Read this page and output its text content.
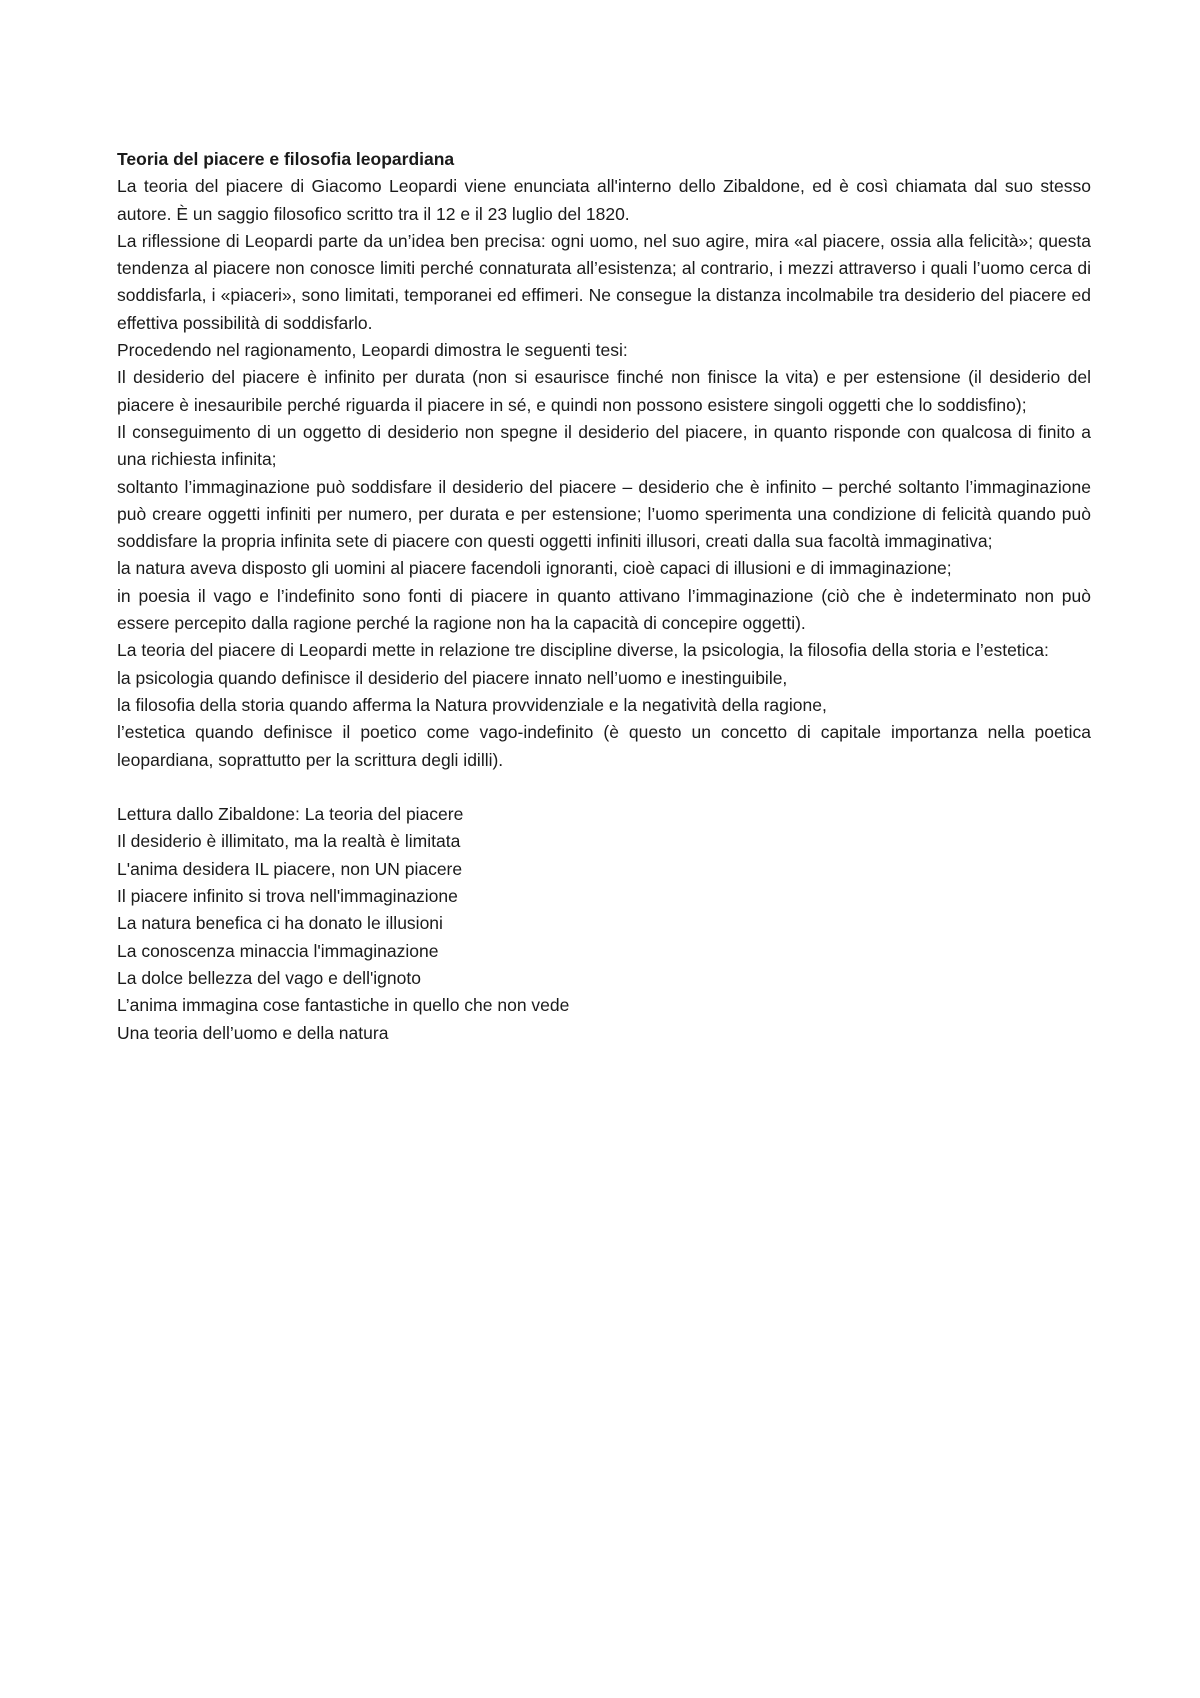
Teoria del piacere e filosofia leopardiana

La teoria del piacere di Giacomo Leopardi viene enunciata all'interno dello Zibaldone, ed è così chiamata dal suo stesso autore. È un saggio filosofico scritto tra il 12 e il 23 luglio del 1820.

La riflessione di Leopardi parte da un’idea ben precisa: ogni uomo, nel suo agire, mira «al piacere, ossia alla felicità»; questa tendenza al piacere non conosce limiti perché connaturata all’esistenza; al contrario, i mezzi attraverso i quali l’uomo cerca di soddisfarla, i «piaceri», sono limitati, temporanei ed effimeri. Ne consegue la distanza incolmabile tra desiderio del piacere ed effettiva possibilità di soddisfarlo.

Procedendo nel ragionamento, Leopardi dimostra le seguenti tesi:

Il desiderio del piacere è infinito per durata (non si esaurisce finché non finisce la vita) e per estensione (il desiderio del piacere è inesauribile perché riguarda il piacere in sé, e quindi non possono esistere singoli oggetti che lo soddisfino);
Il conseguimento di un oggetto di desiderio non spegne il desiderio del piacere, in quanto risponde con qualcosa di finito a una richiesta infinita;
soltanto l’immaginazione può soddisfare il desiderio del piacere – desiderio che è infinito – perché soltanto l’immaginazione può creare oggetti infiniti per numero, per durata e per estensione; l’uomo sperimenta una condizione di felicità quando può soddisfare la propria infinita sete di piacere con questi oggetti infiniti illusori, creati dalla sua facoltà immaginativa;
la natura aveva disposto gli uomini al piacere facendoli ignoranti, cioè capaci di illusioni e di immaginazione;
in poesia il vago e l’indefinito sono fonti di piacere in quanto attivano l’immaginazione (ciò che è indeterminato non può essere percepito dalla ragione perché la ragione non ha la capacità di concepire oggetti).

La teoria del piacere di Leopardi mette in relazione tre discipline diverse, la psicologia, la filosofia della storia e l’estetica:

la psicologia quando definisce il desiderio del piacere innato nell’uomo e inestinguibile,
la filosofia della storia quando afferma la Natura provvidenziale e la negatività della ragione,
l’estetica quando definisce il poetico come vago-indefinito (è questo un concetto di capitale importanza nella poetica leopardiana, soprattutto per la scrittura degli idilli).

Lettura dallo Zibaldone: La teoria del piacere

Il desiderio è illimitato, ma la realtà è limitata
L'anima desidera IL piacere, non UN piacere
Il piacere infinito si trova nell'immaginazione
La natura benefica ci ha donato le illusioni
La conoscenza minaccia l'immaginazione
La dolce bellezza del vago e dell'ignoto
L’anima immagina cose fantastiche in quello che non vede
Una teoria dell’uomo e della natura
